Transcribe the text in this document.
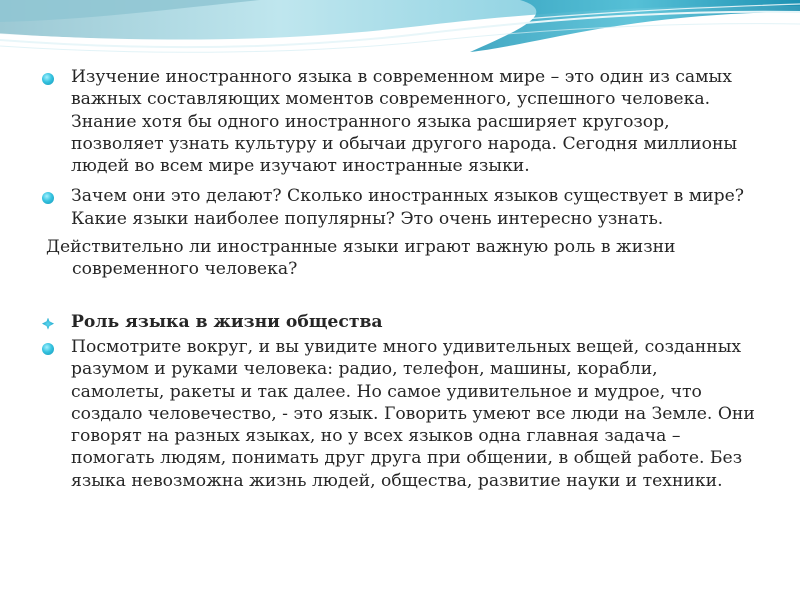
Изучение иностранного языка в современном мире – это один из самых важных составляющих моментов современного, успешного человека. Знание хотя бы одного иностранного языка расширяет кругозор, позволяет узнать культуру и обычаи другого народа. Сегодня миллионы людей во всем мире изучают иностранные языки.
Зачем они это делают? Сколько иностранных языков существует в мире? Какие языки наиболее популярны? Это очень интересно узнать.
Действительно ли иностранные языки играют важную роль в жизни
современного человека?
Роль языка в жизни общества
Посмотрите вокруг, и вы увидите много удивительных вещей, созданных разумом и руками человека: радио, телефон, машины, корабли, самолеты, ракеты и так далее. Но самое удивительное и мудрое, что создало человечество, - это язык. Говорить умеют все люди на Земле. Они говорят на разных языках, но у всех языков одна главная задача – помогать людям, понимать друг друга при общении, в общей работе. Без языка невозможна жизнь людей, общества, развитие науки и техники.
